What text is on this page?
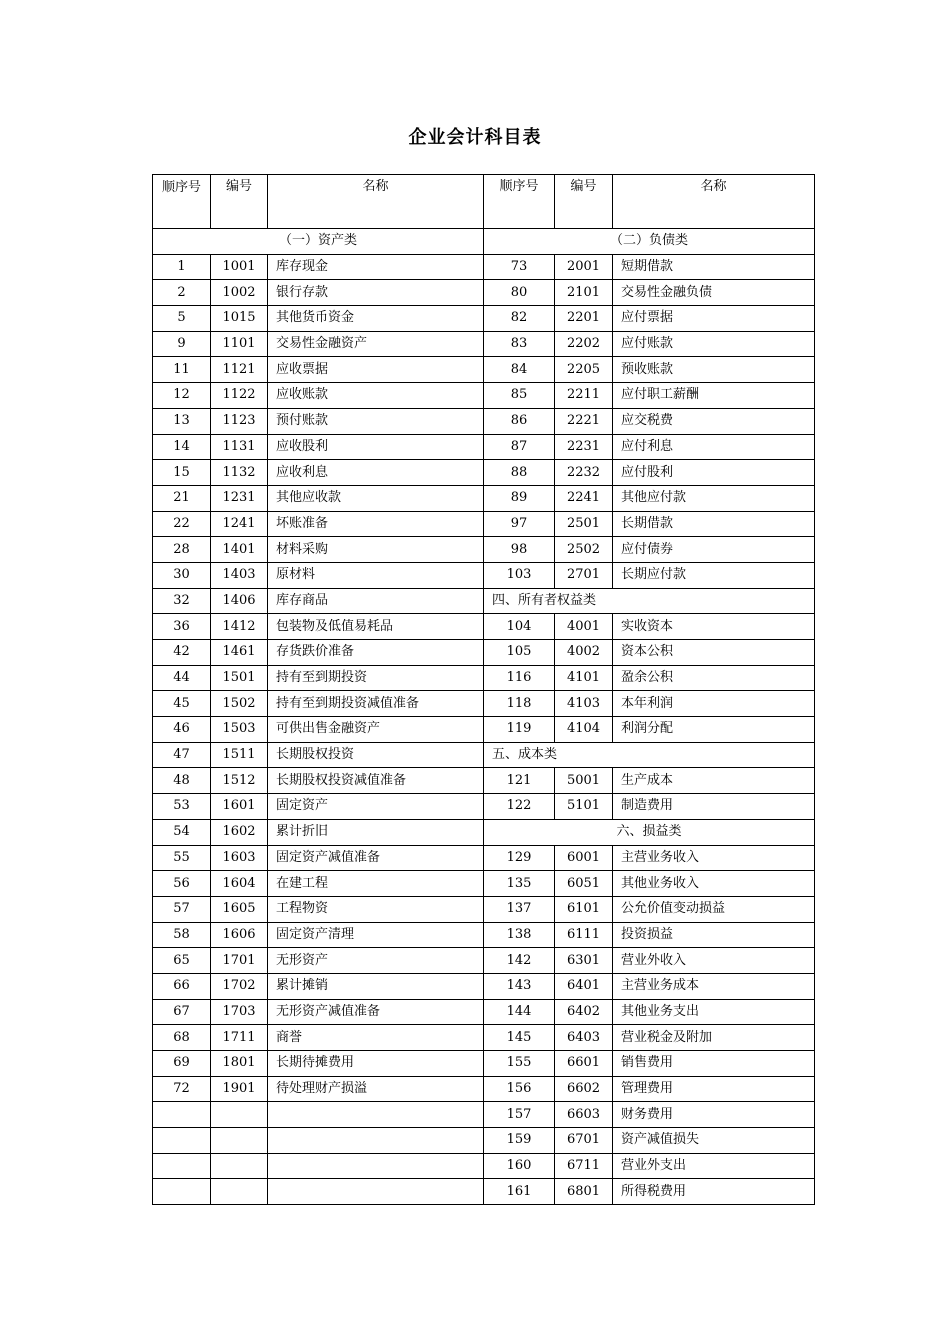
企业会计科目表
顺序号	编号	名称	顺序号	编号	名称
（一）资产类			（二）负债类		
1	1001	库存现金	73	2001	短期借款
2	1002	银行存款	80	2101	交易性金融负债
5	1015	其他货币资金	82	2201	应付票据
9	1101	交易性金融资产	83	2202	应付账款
11	1121	应收票据	84	2205	预收账款
12	1122	应收账款	85	2211	应付职工薪酬
13	1123	预付账款	86	2221	应交税费
14	1131	应收股利	87	2231	应付利息
15	1132	应收利息	88	2232	应付股利
21	1231	其他应收款	89	2241	其他应付款
22	1241	坏账准备	97	2501	长期借款
28	1401	材料采购	98	2502	应付债券
30	1403	原材料	103	2701	长期应付款
32	1406	库存商品	四、所有者权益类		
36	1412	包装物及低值易耗品	104	4001	实收资本
42	1461	存货跌价准备	105	4002	资本公积
44	1501	持有至到期投资	116	4101	盈余公积
45	1502	持有至到期投资减值准备	118	4103	本年利润
46	1503	可供出售金融资产	119	4104	利润分配
47	1511	长期股权投资	五、成本类		
48	1512	长期股权投资减值准备	121	5001	生产成本
53	1601	固定资产	122	5101	制造费用
54	1602	累计折旧	六、损益类		
55	1603	固定资产减值准备	129	6001	主营业务收入
56	1604	在建工程	135	6051	其他业务收入
57	1605	工程物资	137	6101	公允价值变动损益
58	1606	固定资产清理	138	6111	投资损益
65	1701	无形资产	142	6301	营业外收入
66	1702	累计摊销	143	6401	主营业务成本
67	1703	无形资产减值准备	144	6402	其他业务支出
68	1711	商誉	145	6403	营业税金及附加
69	1801	长期待摊费用	155	6601	销售费用
72	1901	待处理财产损溢	156	6602	管理费用
			157	6603	财务费用
			159	6701	资产减值损失
			160	6711	营业外支出
			161	6801	所得税费用
